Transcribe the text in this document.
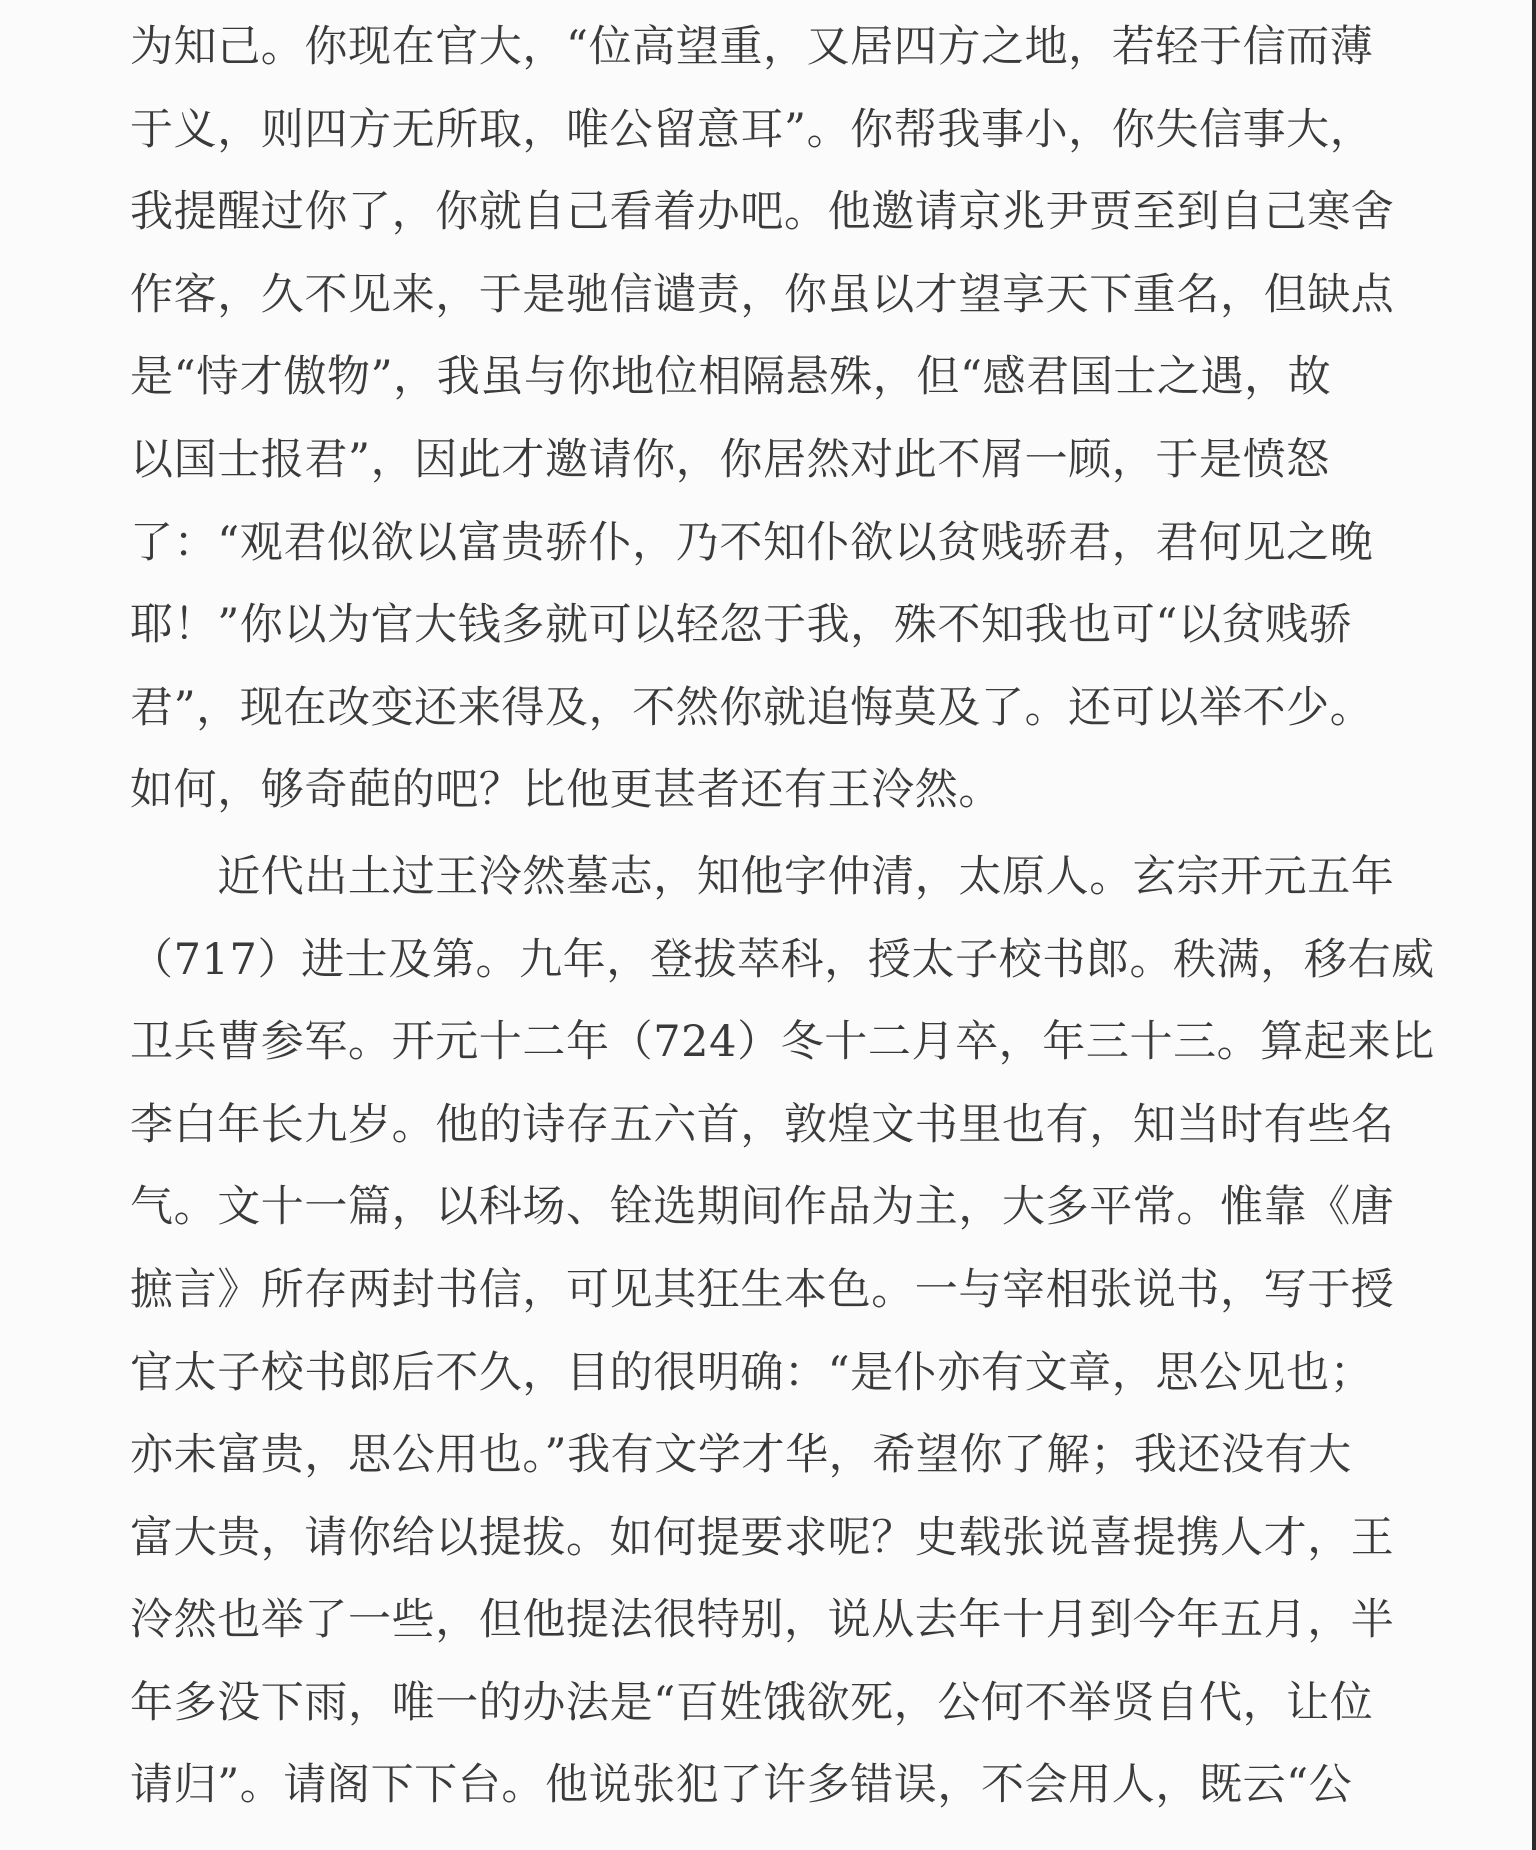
为知己。你现在官大，“位高望重，又居四方之地，若轻于信而薄
于义，则四方无所取，唯公留意耳”。你帮我事小，你失信事大，
我提醒过你了，你就自己看着办吧。他邀请京兆尹贾至到自己寒舍
作客，久不见来，于是驰信谴责，你虽以才望享天下重名，但缺点
是“恃才傲物”，我虽与你地位相隔悬殊，但“感君国士之遇，故
以国士报君”，因此才邀请你，你居然对此不屑一顾，于是愤怒
了：“观君似欲以富贵骄仆，乃不知仆欲以贫贱骄君，君何见之晚
耶！”你以为官大钱多就可以轻忽于我，殊不知我也可“以贫贱骄
君”，现在改变还来得及，不然你就追悔莫及了。还可以举不少。
如何，够奇葩的吧？比他更甚者还有王泠然。
　　近代出土过王泠然墓志，知他字仲清，太原人。玄宗开元五年
（717）进士及第。九年，登拔萃科，授太子校书郎。秩满，移右威
卫兵曹参军。开元十二年（724）冬十二月卒，年三十三。算起来比
李白年长九岁。他的诗存五六首，敦煌文书里也有，知当时有些名
气。文十一篇，以科场、铨选期间作品为主，大多平常。惟靠《唐
摭言》所存两封书信，可见其狂生本色。一与宰相张说书，写于授
官太子校书郎后不久，目的很明确：“是仆亦有文章，思公见也；
亦未富贵，思公用也。”我有文学才华，希望你了解；我还没有大
富大贵，请你给以提拔。如何提要求呢？史载张说喜提携人才，王
泠然也举了一些，但他提法很特别，说从去年十月到今年五月，半
年多没下雨，唯一的办法是“百姓饿欲死，公何不举贤自代，让位
请归”。请阁下下台。他说张犯了许多错误，不会用人，既云“公
